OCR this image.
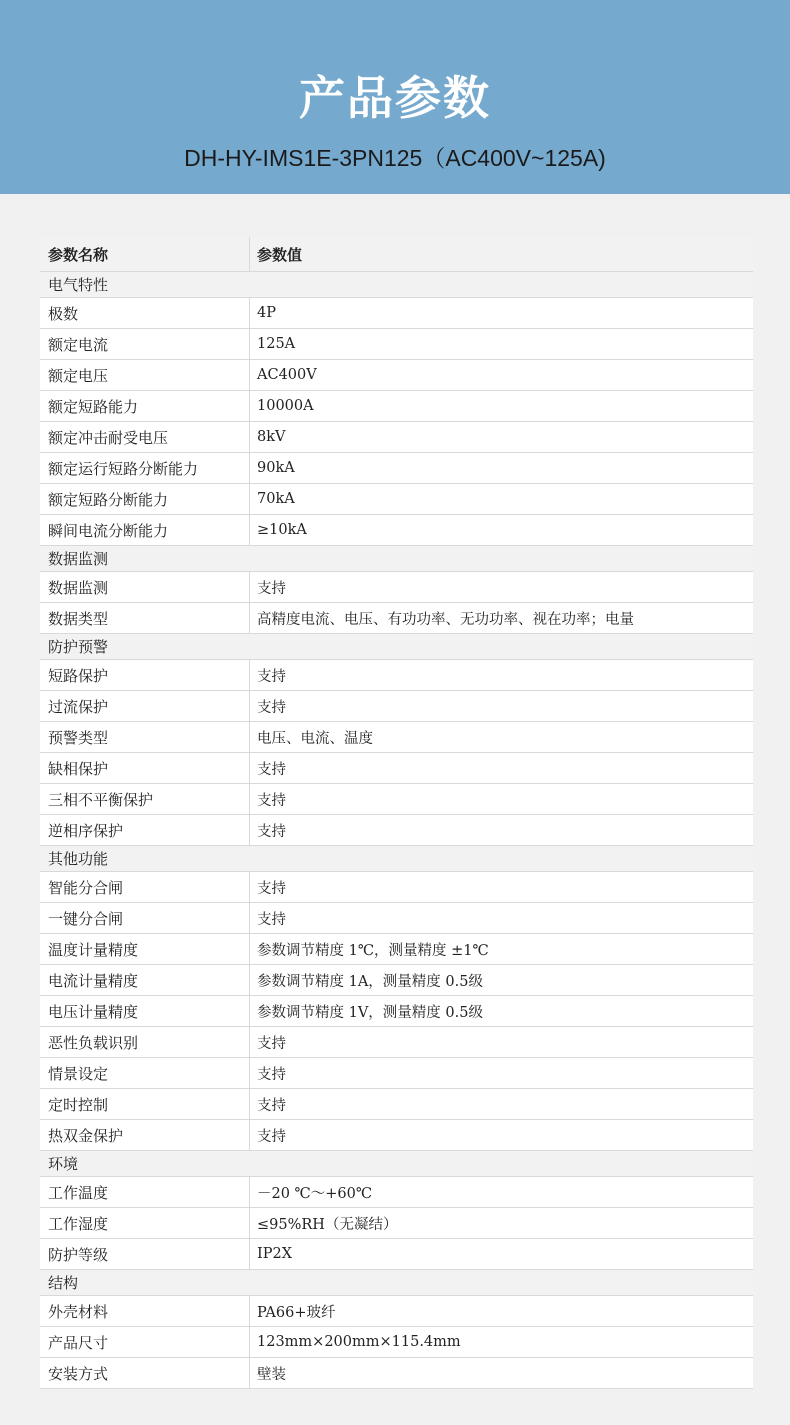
产品参数
DH-HY-IMS1E-3PN125（AC400V~125A)
参数名称	参数值
电气特性
极数	4P
额定电流	125A
额定电压	AC400V
额定短路能力	10000A
额定冲击耐受电压	8kV
额定运行短路分断能力	90kA
额定短路分断能力	70kA
瞬间电流分断能力	≥10kA
数据监测
数据监测	支持
数据类型	高精度电流、电压、有功功率、无功功率、视在功率；电量
防护预警
短路保护	支持
过流保护	支持
预警类型	电压、电流、温度
缺相保护	支持
三相不平衡保护	支持
逆相序保护	支持
其他功能
智能分合闸	支持
一键分合闸	支持
温度计量精度	参数调节精度 1℃，测量精度 ±1℃
电流计量精度	参数调节精度 1A，测量精度 0.5级
电压计量精度	参数调节精度 1V，测量精度 0.5级
恶性负载识别	支持
情景设定	支持
定时控制	支持
热双金保护	支持
环境
工作温度	－20 ℃～+60℃
工作湿度	≤95%RH（无凝结）
防护等级	IP2X
结构
外壳材料	PA66+玻纤
产品尺寸	123mm×200mm×115.4mm
安装方式	壁装
